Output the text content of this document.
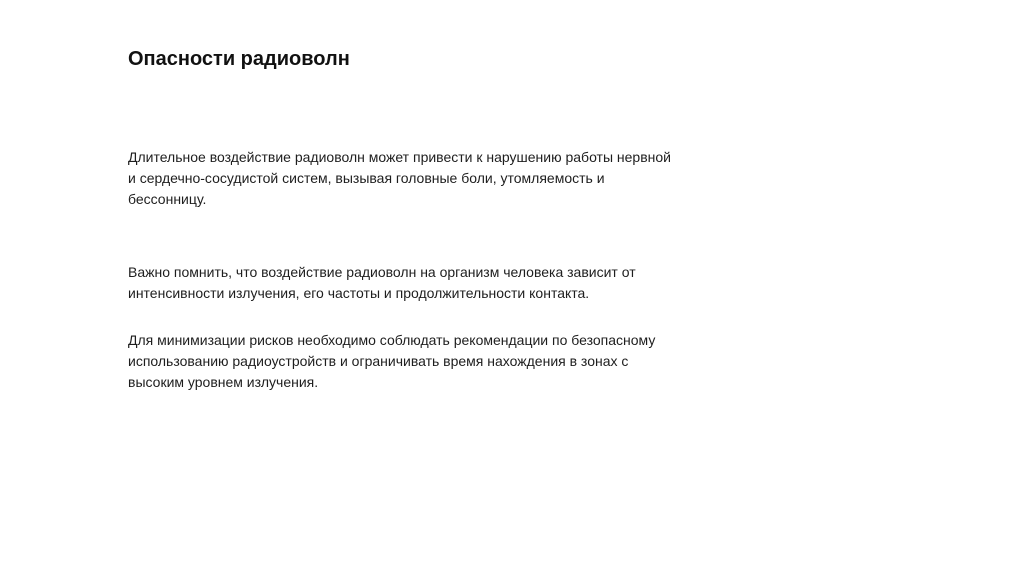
Опасности радиоволн

Длительное воздействие радиоволн может привести к нарушению работы нервной
и сердечно-сосудистой систем, вызывая головные боли, утомляемость и
бессонницу.

Важно помнить, что воздействие радиоволн на организм человека зависит от
интенсивности излучения, его частоты и продолжительности контакта.

Для минимизации рисков необходимо соблюдать рекомендации по безопасному
использованию радиоустройств и ограничивать время нахождения в зонах с
высоким уровнем излучения.
